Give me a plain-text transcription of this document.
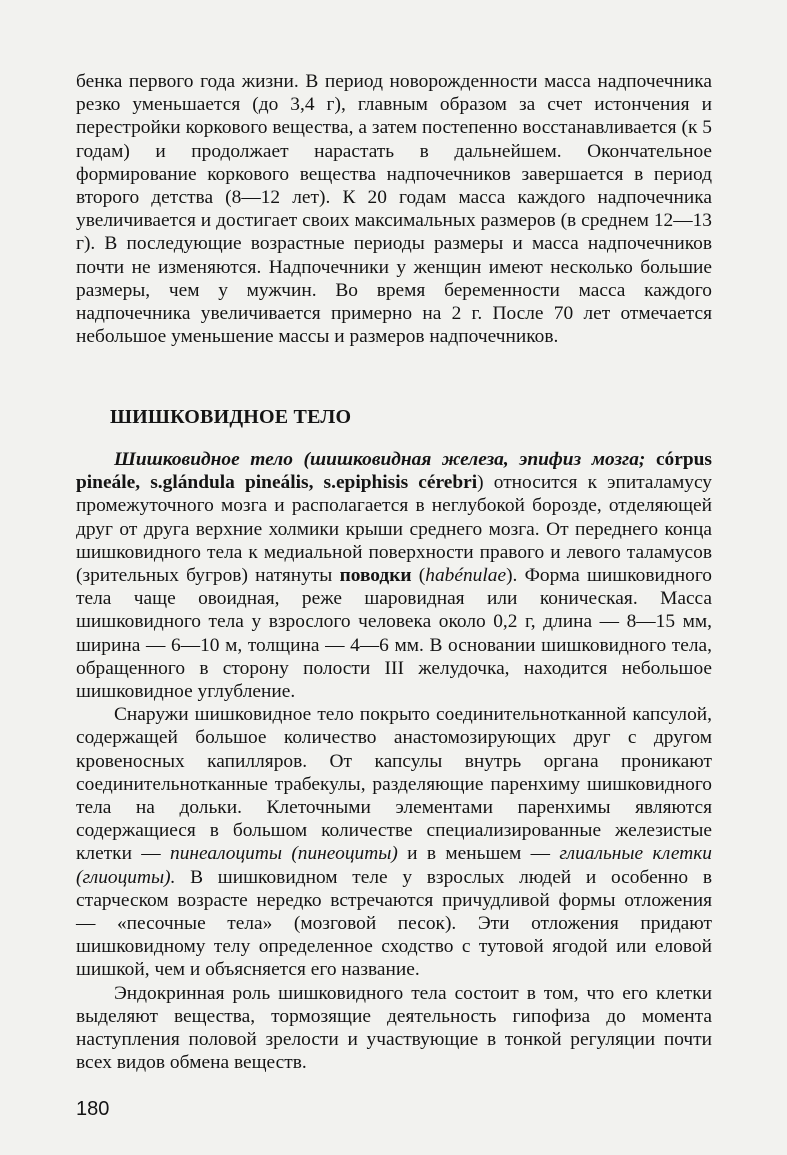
бенка первого года жизни. В период новорожденности масса надпочечника резко уменьшается (до 3,4 г), главным образом за счет истончения и перестройки коркового вещества, а затем постепенно восстанавливается (к 5 годам) и продолжает нарастать в дальнейшем. Окончательное формирование коркового вещества надпочечников завершается в период второго детства (8—12 лет). К 20 годам масса каждого надпочечника увеличивается и достигает своих максимальных размеров (в среднем 12—13 г). В последующие возрастные периоды размеры и масса надпочечников почти не изменяются. Надпочечники у женщин имеют несколько большие размеры, чем у мужчин. Во время беременности масса каждого надпочечника увеличивается примерно на 2 г. После 70 лет отмечается небольшое уменьшение массы и размеров надпочечников.
ШИШКОВИДНОЕ ТЕЛО

Шишковидное тело (шишковидная железа, эпифиз мозга; córpus pineále, s.glándula pineális, s.epiphisis cérebri) относится к эпиталамусу промежуточного мозга и располагается в неглубокой борозде, отделяющей друг от друга верхние холмики крыши среднего мозга. От переднего конца шишковидного тела к медиальной поверхности правого и левого таламусов (зрительных бугров) натянуты поводки (habénulae). Форма шишковидного тела чаще овоидная, реже шаровидная или коническая. Масса шишковидного тела у взрослого человека около 0,2 г, длина — 8—15 мм, ширина — 6—10 м, толщина — 4—6 мм. В основании шишковидного тела, обращенного в сторону полости III желудочка, находится небольшое шишковидное углубление.

Снаружи шишковидное тело покрыто соединительнотканной капсулой, содержащей большое количество анастомозирующих друг с другом кровеносных капилляров. От капсулы внутрь органа проникают соединительнотканные трабекулы, разделяющие паренхиму шишковидного тела на дольки. Клеточными элементами паренхимы являются содержащиеся в большом количестве специализированные железистые клетки — пинеалоциты (пинеоциты) и в меньшем — глиальные клетки (глиоциты). В шишковидном теле у взрослых людей и особенно в старческом возрасте нередко встречаются причудливой формы отложения — «песочные тела» (мозговой песок). Эти отложения придают шишковидному телу определенное сходство с тутовой ягодой или еловой шишкой, чем и объясняется его название.

Эндокринная роль шишковидного тела состоит в том, что его клетки выделяют вещества, тормозящие деятельность гипофиза до момента наступления половой зрелости и участвующие в тонкой регуляции почти всех видов обмена веществ.

180
